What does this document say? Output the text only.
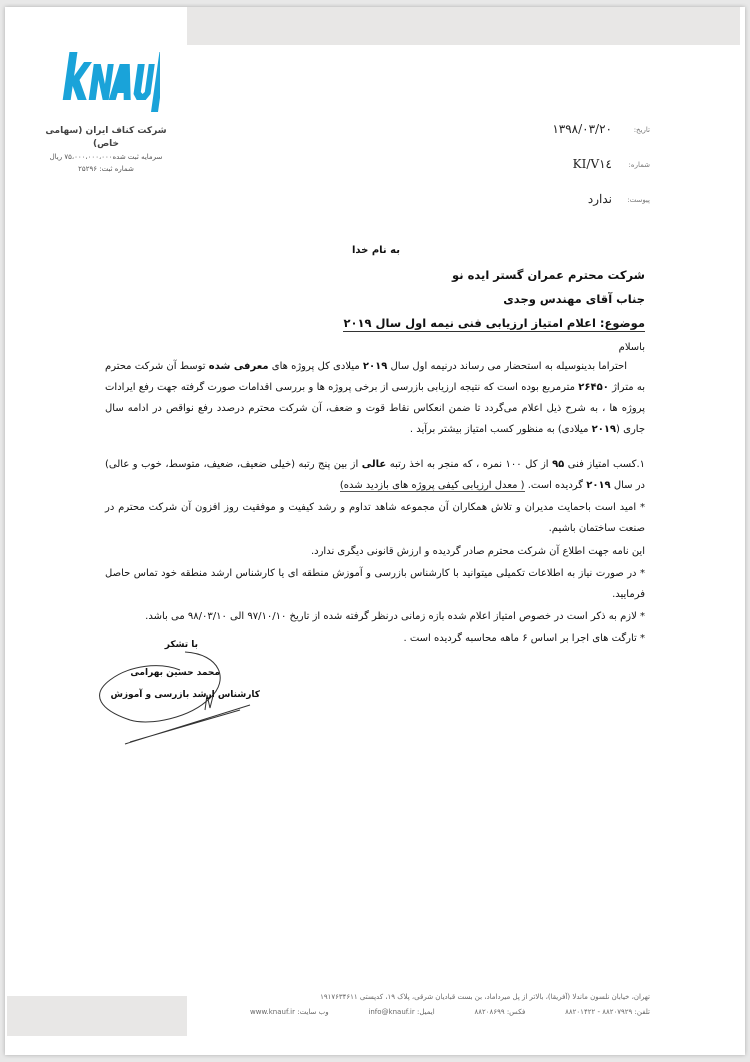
شرکت کناف ایران (سهامی خاص)
سرمایه ثبت شده۷۵،۰۰۰،۰۰۰،۰۰۰ ریال
شماره ثبت: ۲۵۲۹۶
تاریخ:
۱۳۹۸/۰۳/۲۰
شماره:
V۱٤/KI
پیوست:
ندارد
به نام خدا
شرکت محترم عمران گستر ایده نو
جناب آقای مهندس وجدی
موضوع: اعلام امتیاز ارزیابی فنی نیمه اول سال ۲۰۱۹
باسلام
احتراما بدینوسیله به استحضار می رساند درنیمه اول سال ۲۰۱۹ میلادی کل پروژه های معرفی شده توسط آن شرکت محترم به متراژ ۲۶۴۵۰ مترمربع بوده است که نتیجه ارزیابی بازرسی از برخی پروژه ها و بررسی اقدامات صورت گرفته جهت رفع ایرادات پروژه ها ، به شرح ذیل اعلام می‌گردد تا ضمن انعکاس نقاط قوت و ضعف، آن شرکت محترم درصدد رفع نواقص در ادامه سال جاری (۲۰۱۹ میلادی) به منظور کسب امتیاز بیشتر برآید .
۱.کسب امتیاز فنی ۹۵ از کل ۱۰۰ نمره ، که منجر به اخذ رتبه عالی از بین پنج رتبه (خیلی ضعیف، ضعیف، متوسط، خوب و عالی) در سال ۲۰۱۹ گردیده است. ( معدل ارزیابی کیفی پروژه های بازدید شده)
* امید است باحمایت مدیران و تلاش همکاران آن مجموعه شاهد تداوم و رشد کیفیت و موفقیت روز افزون آن شرکت محترم در صنعت ساختمان باشیم.
این نامه جهت اطلاع آن شرکت محترم صادر گردیده و ارزش قانونی دیگری ندارد.
* در صورت نیاز به اطلاعات تکمیلی میتوانید با کارشناس بازرسی و آموزش منطقه ای یا کارشناس ارشد منطقه خود تماس حاصل فرمایید.
* لازم به ذکر است در خصوص امتیاز اعلام شده بازه زمانی درنظر گرفته شده از تاریخ ۹۷/۱۰/۱۰ الی ۹۸/۰۳/۱۰ می باشد.
* تارگت های اجرا بر اساس ۶ ماهه محاسبه گردیده است .
با تشکر
محمد حسین بهرامی
کارشناس ارشد بازرسی و آموزش
تهران، خیابان نلسون ماندلا (آفریقا)، بالاتر از پل میرداماد، بن بست قبادیان شرقی، پلاک ۱۹، کدپستی ۱۹۱۷۶۳۴۶۱۱
تلفن: ۸۸۲۰۷۹۲۹ - ۸۸۲۰۱۴۲۲
فکس: ۸۸۲۰۸۶۹۹
ایمیل: info@knauf.ir
وب سایت: www.knauf.ir
